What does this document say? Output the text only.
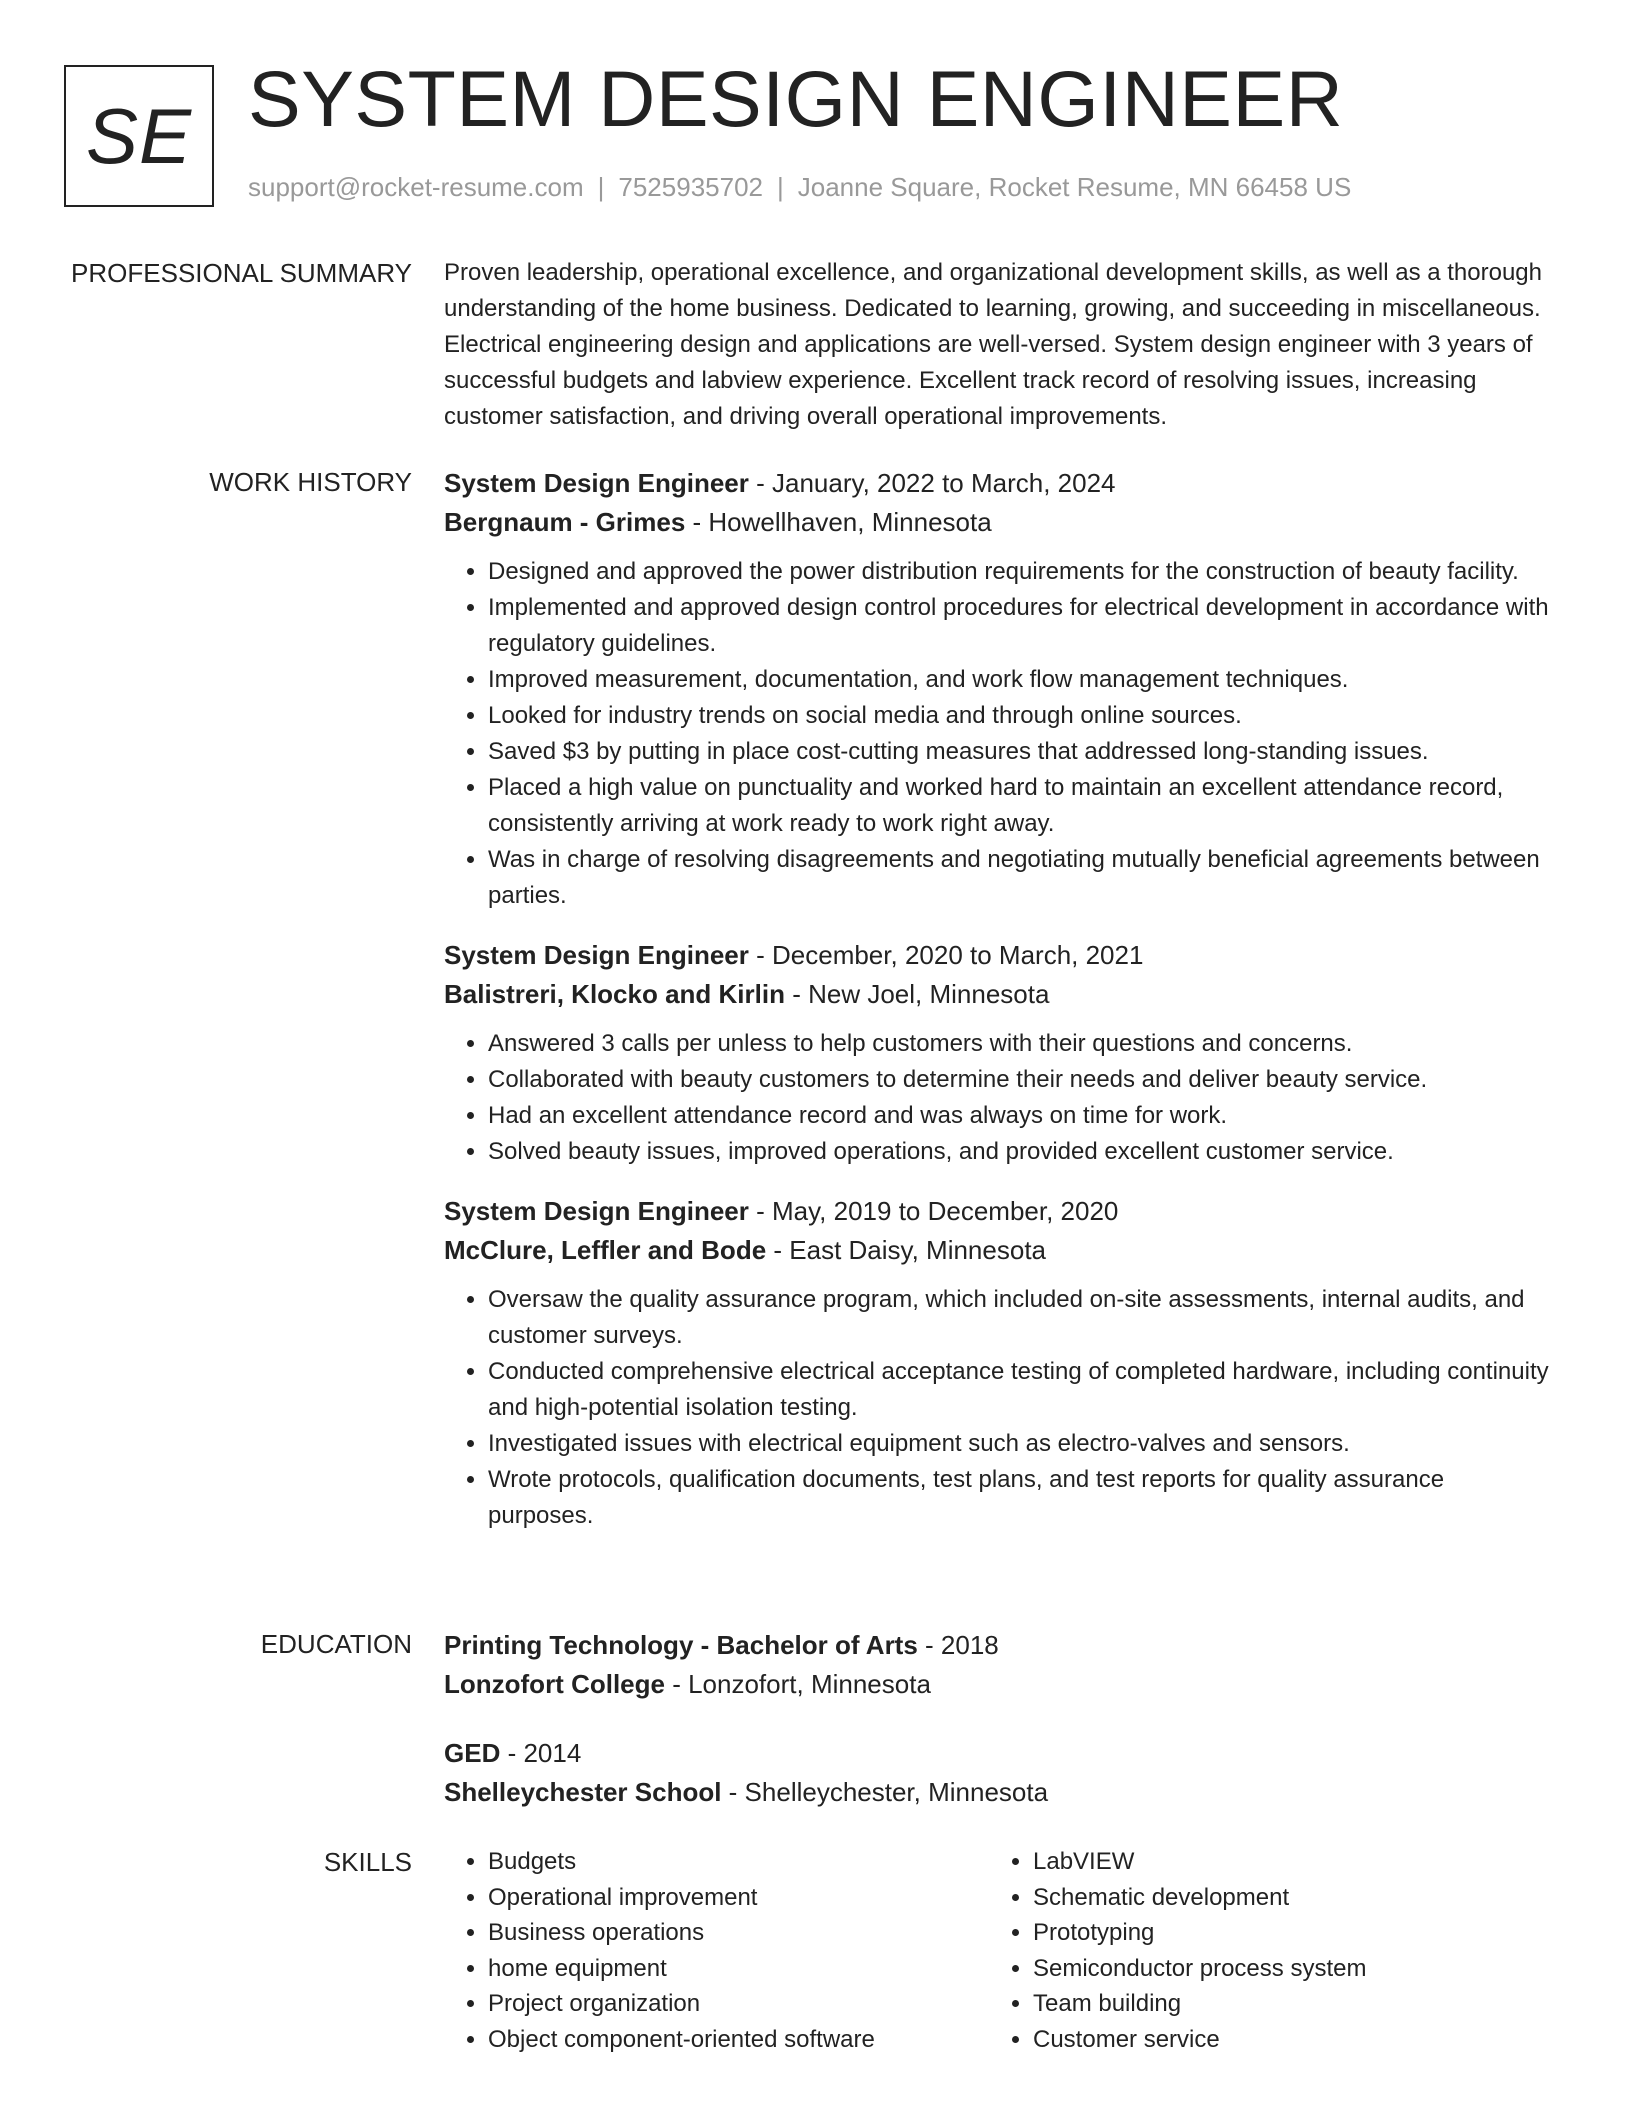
SE SYSTEM DESIGN ENGINEER
support@rocket-resume.com | 7525935702 | Joanne Square, Rocket Resume, MN 66458 US
PROFESSIONAL SUMMARY Proven leadership, operational excellence, and organizational development skills, as well as a thorough understanding of the home business. Dedicated to learning, growing, and succeeding in miscellaneous. Electrical engineering design and applications are well-versed. System design engineer with 3 years of successful budgets and labview experience. Excellent track record of resolving issues, increasing customer satisfaction, and driving overall operational improvements.

WORK HISTORY System Design Engineer - January, 2022 to March, 2024
Bergnaum - Grimes - Howellhaven, Minnesota
• Designed and approved the power distribution requirements for the construction of beauty facility.
• Implemented and approved design control procedures for electrical development in accordance with regulatory guidelines.
• Improved measurement, documentation, and work flow management techniques.
• Looked for industry trends on social media and through online sources.
• Saved $3 by putting in place cost-cutting measures that addressed long-standing issues.
• Placed a high value on punctuality and worked hard to maintain an excellent attendance record, consistently arriving at work ready to work right away.
• Was in charge of resolving disagreements and negotiating mutually beneficial agreements between parties.
System Design Engineer - December, 2020 to March, 2021
Balistreri, Klocko and Kirlin - New Joel, Minnesota
• Answered 3 calls per unless to help customers with their questions and concerns.
• Collaborated with beauty customers to determine their needs and deliver beauty service.
• Had an excellent attendance record and was always on time for work.
• Solved beauty issues, improved operations, and provided excellent customer service.
System Design Engineer - May, 2019 to December, 2020
McClure, Leffler and Bode - East Daisy, Minnesota
• Oversaw the quality assurance program, which included on-site assessments, internal audits, and customer surveys.
• Conducted comprehensive electrical acceptance testing of completed hardware, including continuity and high-potential isolation testing.
• Investigated issues with electrical equipment such as electro-valves and sensors.
• Wrote protocols, qualification documents, test plans, and test reports for quality assurance purposes.
EDUCATION Printing Technology - Bachelor of Arts - 2018
Lonzofort College - Lonzofort, Minnesota
GED - 2014
Shelleychester School - Shelleychester, Minnesota
SKILLS
•	Budgets
• Operational improvement
• Business operations
• home equipment
• Project organization
• Object component-oriented software
• LabVIEW
• Schematic development
• Prototyping
• Semiconductor process system
• Team building
• Customer service
